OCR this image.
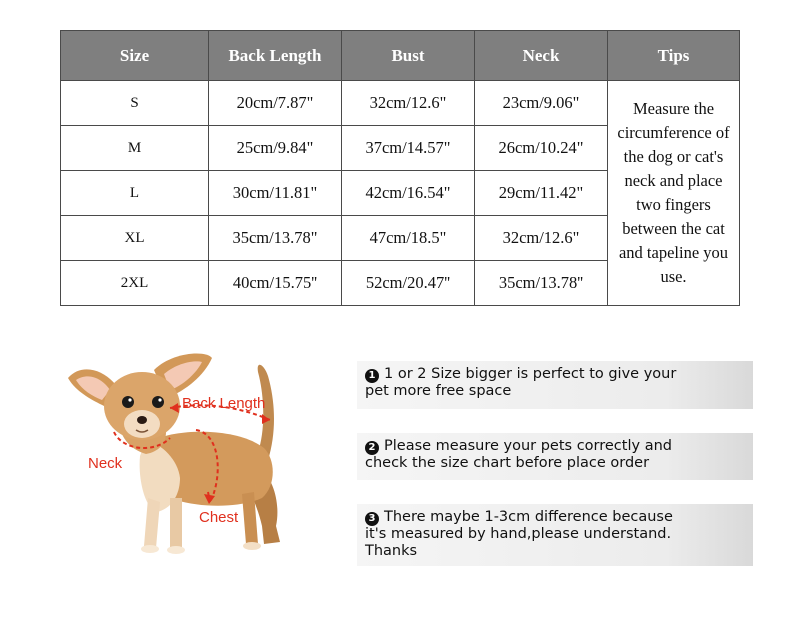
Size	Back Length	Bust	Neck	Tips
S	20cm/7.87"	32cm/12.6"	23cm/9.06"	Measure the circumference of the dog or cat's neck and place two fingers between the cat and tapeline you use.
M	25cm/9.84"	37cm/14.57"	26cm/10.24"	
L	30cm/11.81"	42cm/16.54"	29cm/11.42"	
XL	35cm/13.78"	47cm/18.5"	32cm/12.6"	
2XL	40cm/15.75''	52cm/20.47''	35cm/13.78''	
Back Length
Neck
Chest
1 1 or 2 Size bigger is perfect to give your
pet more free space
2 Please measure your pets correctly and
check the size chart before place order
3 There maybe 1-3cm difference because
it's measured by hand,please understand.
Thanks
